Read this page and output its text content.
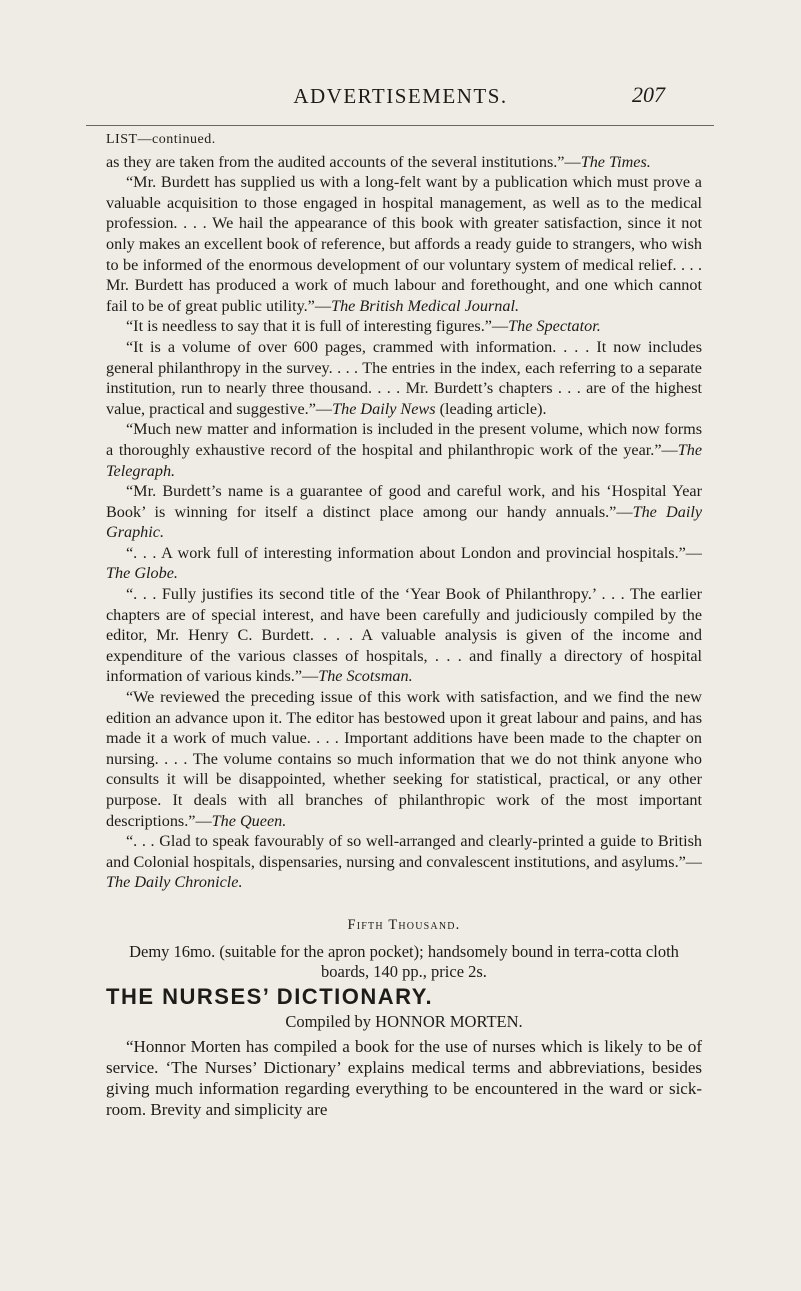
ADVERTISEMENTS.	207

LIST—continued.

as they are taken from the audited accounts of the several institutions.”—The Times.

“Mr. Burdett has supplied us with a long-felt want by a publication which must prove a valuable acquisition to those engaged in hospital management, as well as to the medical profession. . . . We hail the appearance of this book with greater satisfaction, since it not only makes an excellent book of reference, but affords a ready guide to strangers, who wish to be informed of the enormous development of our voluntary system of medical relief. . . . Mr. Burdett has produced a work of much labour and forethought, and one which cannot fail to be of great public utility.”—The British Medical Journal.

“It is needless to say that it is full of interesting figures.”—The Spectator.

“It is a volume of over 600 pages, crammed with information. . . . It now includes general philanthropy in the survey. . . . The entries in the index, each referring to a separate institution, run to nearly three thousand. . . . Mr. Burdett’s chapters . . . are of the highest value, practical and suggestive.”—The Daily News (leading article).

“Much new matter and information is included in the present volume, which now forms a thoroughly exhaustive record of the hospital and philanthropic work of the year.”—The Telegraph.

“Mr. Burdett’s name is a guarantee of good and careful work, and his ‘Hospital Year Book’ is winning for itself a distinct place among our handy annuals.”—The Daily Graphic.

“. . . A work full of interesting information about London and provincial hospitals.”—The Globe.

“. . . Fully justifies its second title of the ‘Year Book of Philanthropy.’ . . . The earlier chapters are of special interest, and have been carefully and judiciously compiled by the editor, Mr. Henry C. Burdett. . . . A valuable analysis is given of the income and expenditure of the various classes of hospitals, . . . and finally a directory of hospital information of various kinds.”—The Scotsman.

“We reviewed the preceding issue of this work with satisfaction, and we find the new edition an advance upon it. The editor has bestowed upon it great labour and pains, and has made it a work of much value. . . . Important additions have been made to the chapter on nursing. . . . The volume contains so much information that we do not think anyone who consults it will be disappointed, whether seeking for statistical, practical, or any other purpose. It deals with all branches of philanthropic work of the most important descriptions.”—The Queen.

“. . . Glad to speak favourably of so well-arranged and clearly-printed a guide to British and Colonial hospitals, dispensaries, nursing and convalescent institutions, and asylums.”—The Daily Chronicle.

Fifth Thousand.

Demy 16mo. (suitable for the apron pocket); handsomely bound in terra-cotta cloth boards, 140 pp., price 2s.

THE NURSES’ DICTIONARY.

Compiled by HONNOR MORTEN.

“Honnor Morten has compiled a book for the use of nurses which is likely to be of service. ‘The Nurses’ Dictionary’ explains medical terms and abbreviations, besides giving much information regarding everything to be encountered in the ward or sick-room. Brevity and simplicity are
